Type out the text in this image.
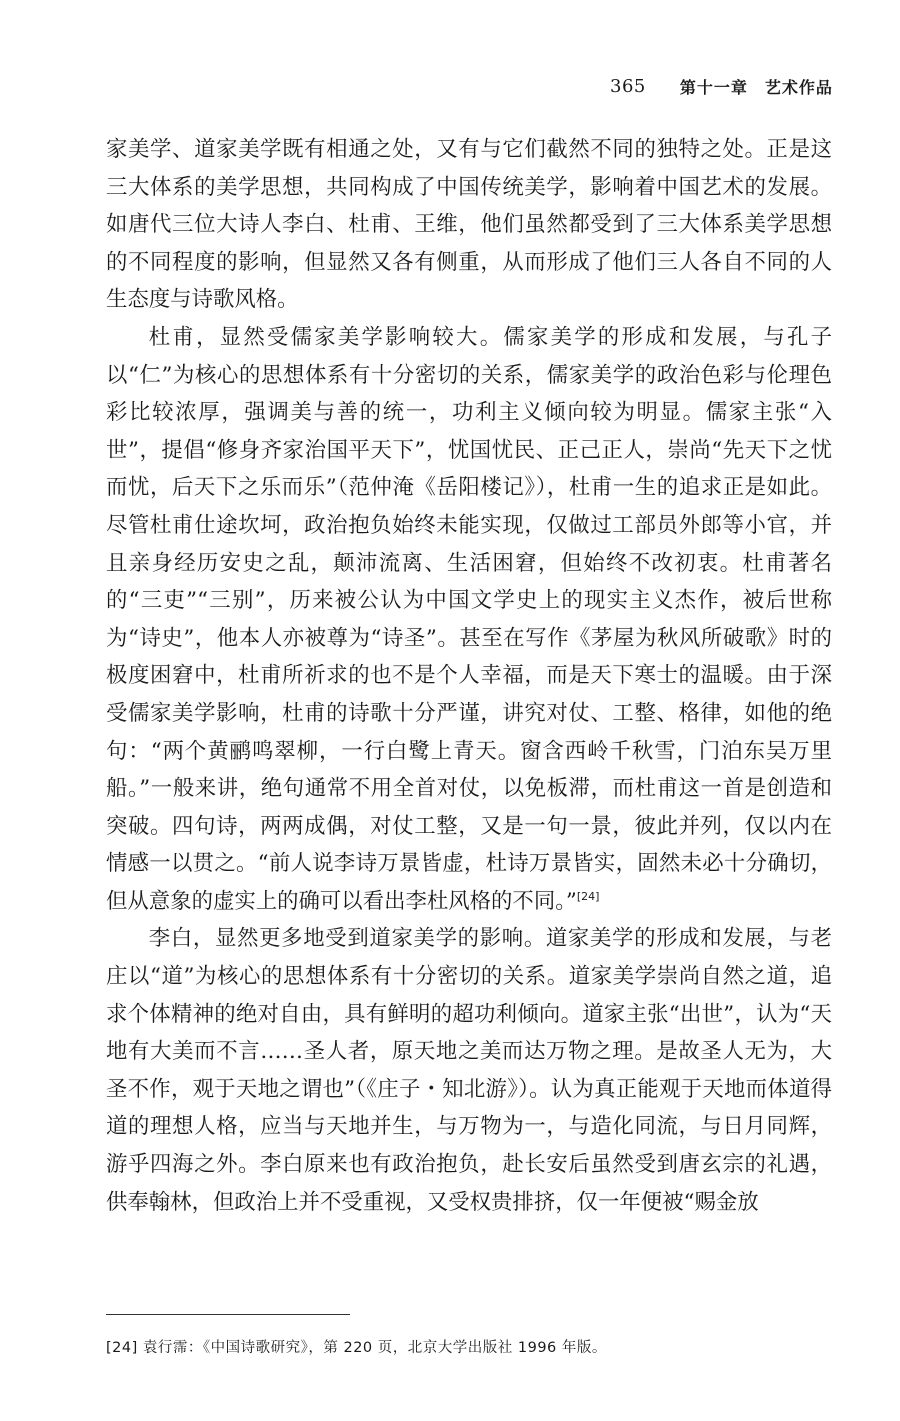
365 第十一章　艺术作品

家美学、道家美学既有相通之处，又有与它们截然不同的独特之处。正是这三大体系的美学思想，共同构成了中国传统美学，影响着中国艺术的发展。如唐代三位大诗人李白、杜甫、王维，他们虽然都受到了三大体系美学思想的不同程度的影响，但显然又各有侧重，从而形成了他们三人各自不同的人生态度与诗歌风格。

杜甫，显然受儒家美学影响较大。儒家美学的形成和发展，与孔子以“仁”为核心的思想体系有十分密切的关系，儒家美学的政治色彩与伦理色彩比较浓厚，强调美与善的统一，功利主义倾向较为明显。儒家主张“入世”，提倡“修身齐家治国平天下”，忧国忧民、正己正人，崇尚“先天下之忧而忧，后天下之乐而乐”（范仲淹《岳阳楼记》），杜甫一生的追求正是如此。尽管杜甫仕途坎坷，政治抱负始终未能实现，仅做过工部员外郎等小官，并且亲身经历安史之乱，颠沛流离、生活困窘，但始终不改初衷。杜甫著名的“三吏”“三别”，历来被公认为中国文学史上的现实主义杰作，被后世称为“诗史”，他本人亦被尊为“诗圣”。甚至在写作《茅屋为秋风所破歌》时的极度困窘中，杜甫所祈求的也不是个人幸福，而是天下寒士的温暖。由于深受儒家美学影响，杜甫的诗歌十分严谨，讲究对仗、工整、格律，如他的绝句：“两个黄鹂鸣翠柳，一行白鹭上青天。窗含西岭千秋雪，门泊东吴万里船。”一般来讲，绝句通常不用全首对仗，以免板滞，而杜甫这一首是创造和突破。四句诗，两两成偶，对仗工整，又是一句一景，彼此并列，仅以内在情感一以贯之。“前人说李诗万景皆虚，杜诗万景皆实，固然未必十分确切，但从意象的虚实上的确可以看出李杜风格的不同。”[24]

李白，显然更多地受到道家美学的影响。道家美学的形成和发展，与老庄以“道”为核心的思想体系有十分密切的关系。道家美学崇尚自然之道，追求个体精神的绝对自由，具有鲜明的超功利倾向。道家主张“出世”，认为“天地有大美而不言……圣人者，原天地之美而达万物之理。是故圣人无为，大圣不作，观于天地之谓也”（《庄子・知北游》）。认为真正能观于天地而体道得道的理想人格，应当与天地并生，与万物为一，与造化同流，与日月同辉，游乎四海之外。李白原来也有政治抱负，赴长安后虽然受到唐玄宗的礼遇，供奉翰林，但政治上并不受重视，又受权贵排挤，仅一年便被“赐金放

[24] 袁行霈：《中国诗歌研究》，第 220 页，北京大学出版社 1996 年版。
